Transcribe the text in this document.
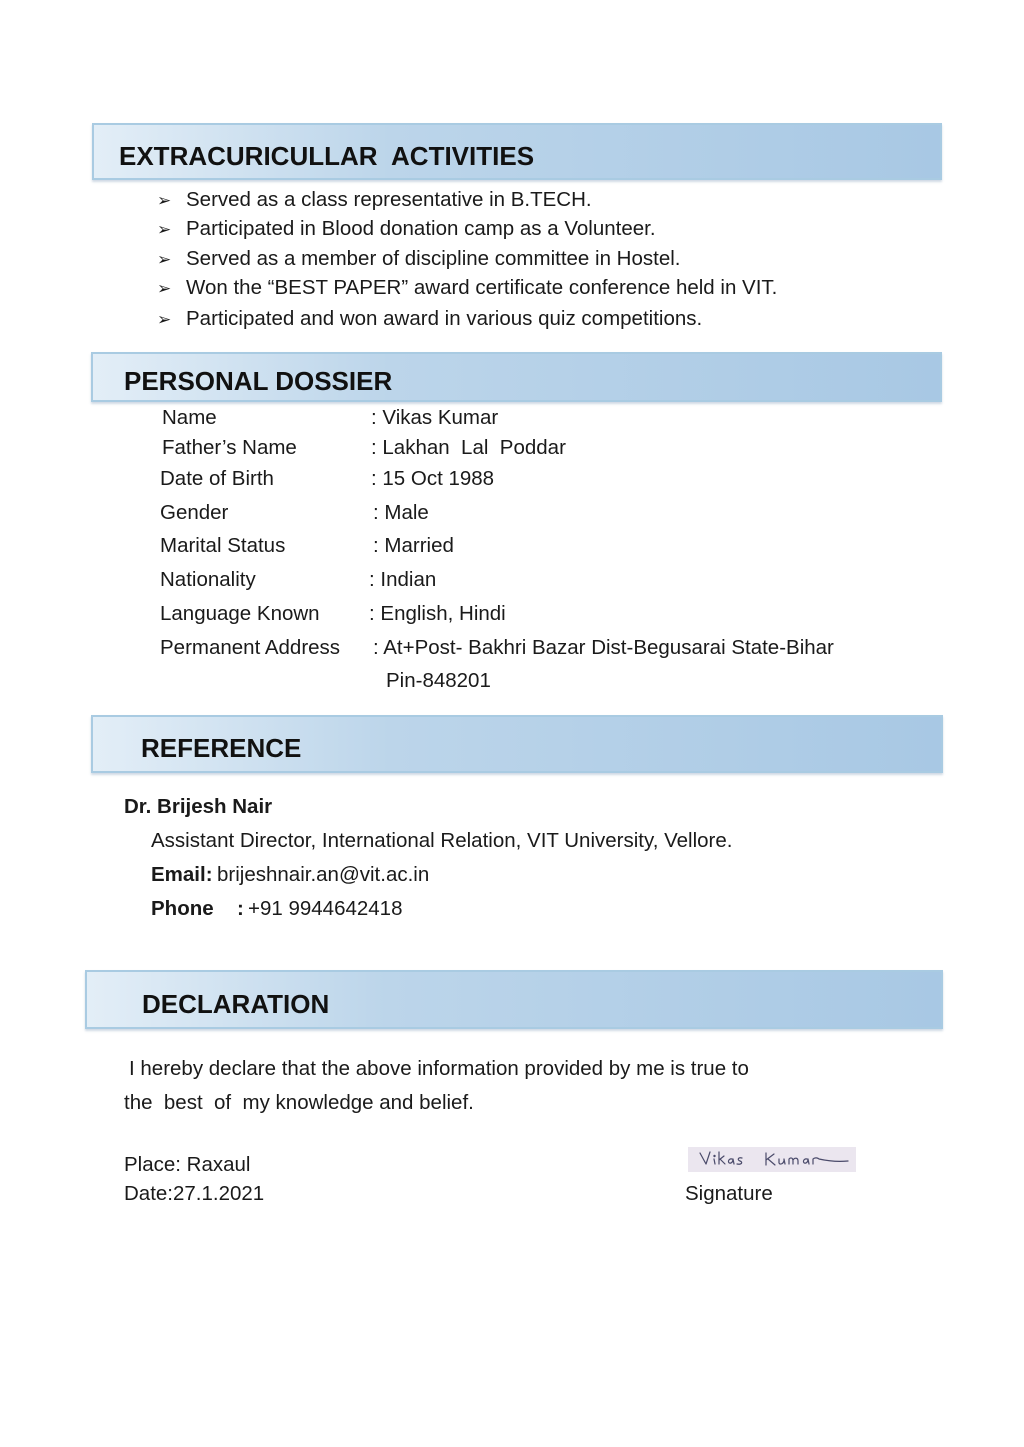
EXTRACURICULLAR  ACTIVITIES
➢ Served as a class representative in B.TECH.
➢ Participated in Blood donation camp as a Volunteer.
➢ Served as a member of discipline committee in Hostel.
➢ Won the “BEST PAPER” award certificate conference held in VIT.
➢ Participated and won award in various quiz competitions.
PERSONAL DOSSIER
Name	: Vikas Kumar
Father’s Name	: Lakhan  Lal  Poddar
Date of Birth	: 15 Oct 1988
Gender	: Male
Marital Status	: Married
Nationality	: Indian
Language Known : English, Hindi
Permanent Address : At+Post- Bakhri Bazar Dist-Begusarai State-Bihar
Pin-848201
REFERENCE
Dr. Brijesh Nair
Assistant Director, International Relation, VIT University, Vellore.
Email: brijeshnair.an@vit.ac.in
Phone : +91 9944642418
DECLARATION
I hereby declare that the above information provided by me is true to
the  best  of  my knowledge and belief.
Place: Raxaul
Date:27.1.2021	Signature
